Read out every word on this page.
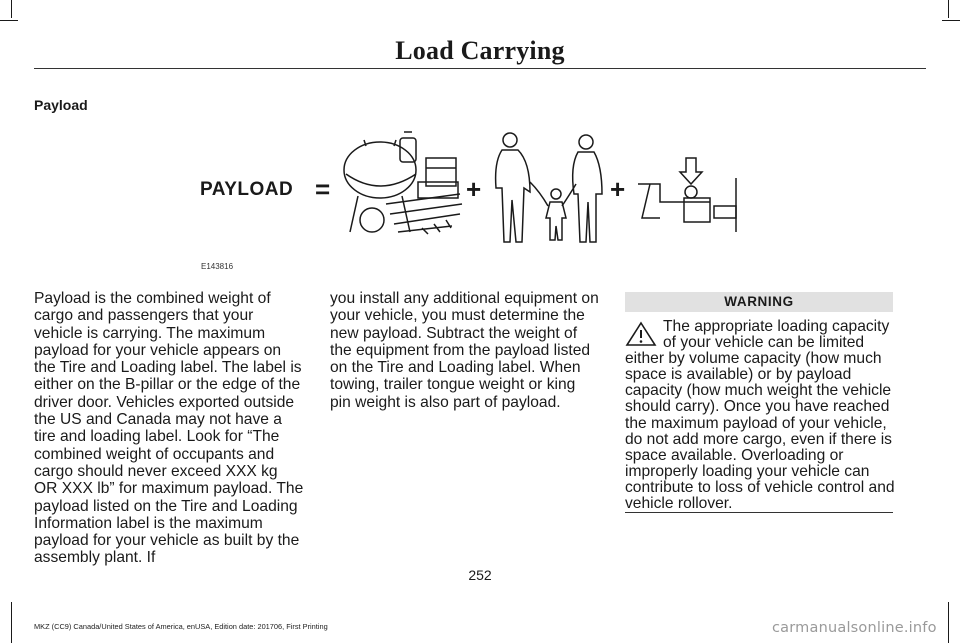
Load Carrying
Payload
PAYLOAD =	+	+
E143816

Payload is the combined weight of cargo and passengers that your vehicle is carrying. The maximum payload for your vehicle appears on the Tire and Loading label. The label is either on the B-pillar or the edge of the driver door. Vehicles exported outside the US and Canada may not have a tire and loading label. Look for “The combined weight of occupants and cargo should never exceed XXX kg OR XXX lb” for maximum payload. The payload listed on the Tire and Loading Information label is the maximum payload for your vehicle as built by the assembly plant. If

you install any additional equipment on your vehicle, you must determine the new payload. Subtract the weight of the equipment from the payload listed on the Tire and Loading label. When towing, trailer tongue weight or king pin weight is also part of payload.

WARNING
The appropriate loading capacity of your vehicle can be limited either by volume capacity (how much space is available) or by payload capacity (how much weight the vehicle should carry). Once you have reached the maximum payload of your vehicle, do not add more cargo, even if there is space available. Overloading or improperly loading your vehicle can contribute to loss of vehicle control and vehicle rollover.
252
MKZ (CC9) Canada/United States of America, enUSA, Edition date: 201706, First Printing	carmanualsonline.info
